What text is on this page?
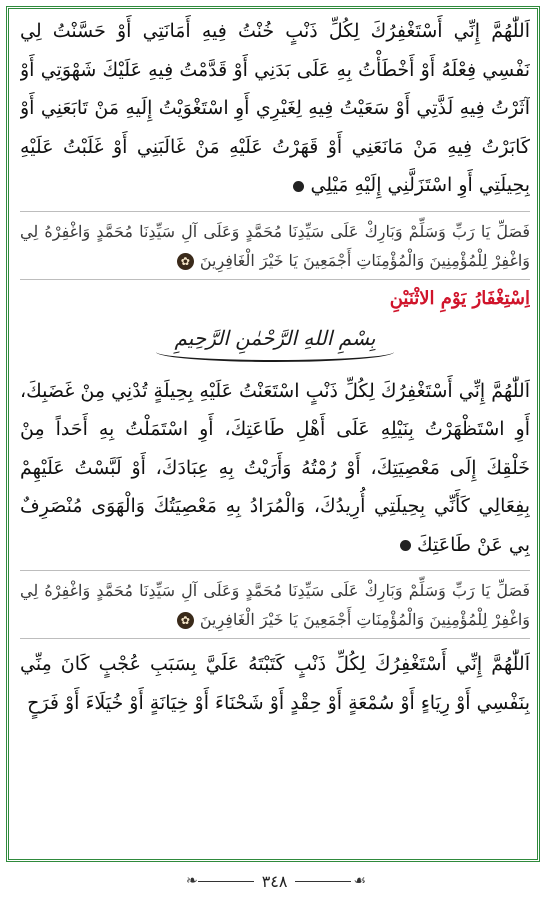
اَللّٰهُمَّ إِنِّي أَسْتَغْفِرُكَ لِكُلِّ ذَنْبٍ خُنْتُ فِيهِ أَمَانَتِي أَوْ حَسَّنْتُ لِي نَفْسِي فِعْلَهُ أَوْ أَخْطَأْتُ بِهِ عَلَى بَدَنِي أَوْ قَدَّمْتُ فِيهِ عَلَيْكَ شَهْوَتِي أَوْ آثَرْتُ فِيهِ لَذَّتِي أَوْ سَعَيْتُ فِيهِ لِغَيْرِي أَوِ اسْتَغْوَيْتُ إِلَيهِ مَنْ تَابَعَنِي أَوْ كَابَرْتُ فِيهِ مَنْ مَانَعَنِي أَوْ قَهَرْتُ عَلَيْهِ مَنْ غَالَبَنِي أَوْ غَلَبْتُ عَلَيْهِ بِحِيلَتِي أَوِ اسْتَزَلَّنِي إِلَيْهِ مَيْلِي

فَصَلِّ يَا رَبِّ وَسَلِّمْ وَبَارِكْ عَلَى سَيِّدِنَا مُحَمَّدٍ وَعَلَى آلِ سَيِّدِنَا مُحَمَّدٍ وَاغْفِرْهُ لِي وَاغْفِرْ لِلْمُؤْمِنِينَ وَالْمُؤْمِنَاتِ أَجْمَعِينَ يَا خَيْرَ الْغَافِرِينَ✿

اِسْتِغْفَارُ يَوْمِ الاثْنَيْنِ
بِسْمِ اللهِ الرَّحْمٰنِ الرَّحِيمِ

اَللّٰهُمَّ إِنِّي أَسْتَغْفِرُكَ لِكُلِّ ذَنْبٍ اسْتَعَنْتُ عَلَيْهِ بِحِيلَةٍ تُدْنِي مِنْ غَضَبِكَ، أَوِ اسْتَظْهَرْتُ بِنَيْلِهِ عَلَى أَهْلِ طَاعَتِكَ، أَوِ اسْتَمَلْتُ بِهِ أَحَداً مِنْ خَلْقِكَ إِلَى مَعْصِيَتِكَ، أَوْ رُمْتُهُ وَأَرَيْتُ بِهِ عِبَادَكَ، أَوْ لَبَّسْتُ عَلَيْهِمْ بِفِعَالِي كَأَنِّي بِحِيلَتِي أُرِيدُكَ، وَالْمُرَادُ بِهِ مَعْصِيَتُكَ وَالْهَوَى مُنْصَرِفٌ بِي عَنْ طَاعَتِكَ

فَصَلِّ يَا رَبِّ وَسَلِّمْ وَبَارِكْ عَلَى سَيِّدِنَا مُحَمَّدٍ وَعَلَى آلِ سَيِّدِنَا مُحَمَّدٍ وَاغْفِرْهُ لِي وَاغْفِرْ لِلْمُؤْمِنِينَ وَالْمُؤْمِنَاتِ أَجْمَعِينَ يَا خَيْرَ الْغَافِرِينَ✿

اَللّٰهُمَّ إِنِّي أَسْتَغْفِرُكَ لِكُلِّ ذَنْبٍ كَتَبْتَهُ عَلَيَّ بِسَبَبِ عُجْبٍ كَانَ مِنِّي بِنَفْسِي أَوْ رِيَاءٍ أَوْ سُمْعَةٍ أَوْ حِقْدٍ أَوْ شَحْنَاءَ أَوْ خِيَانَةٍ أَوْ خُيَلَاءَ أَوْ فَرَحٍ

❧	٣٤٨	☙
